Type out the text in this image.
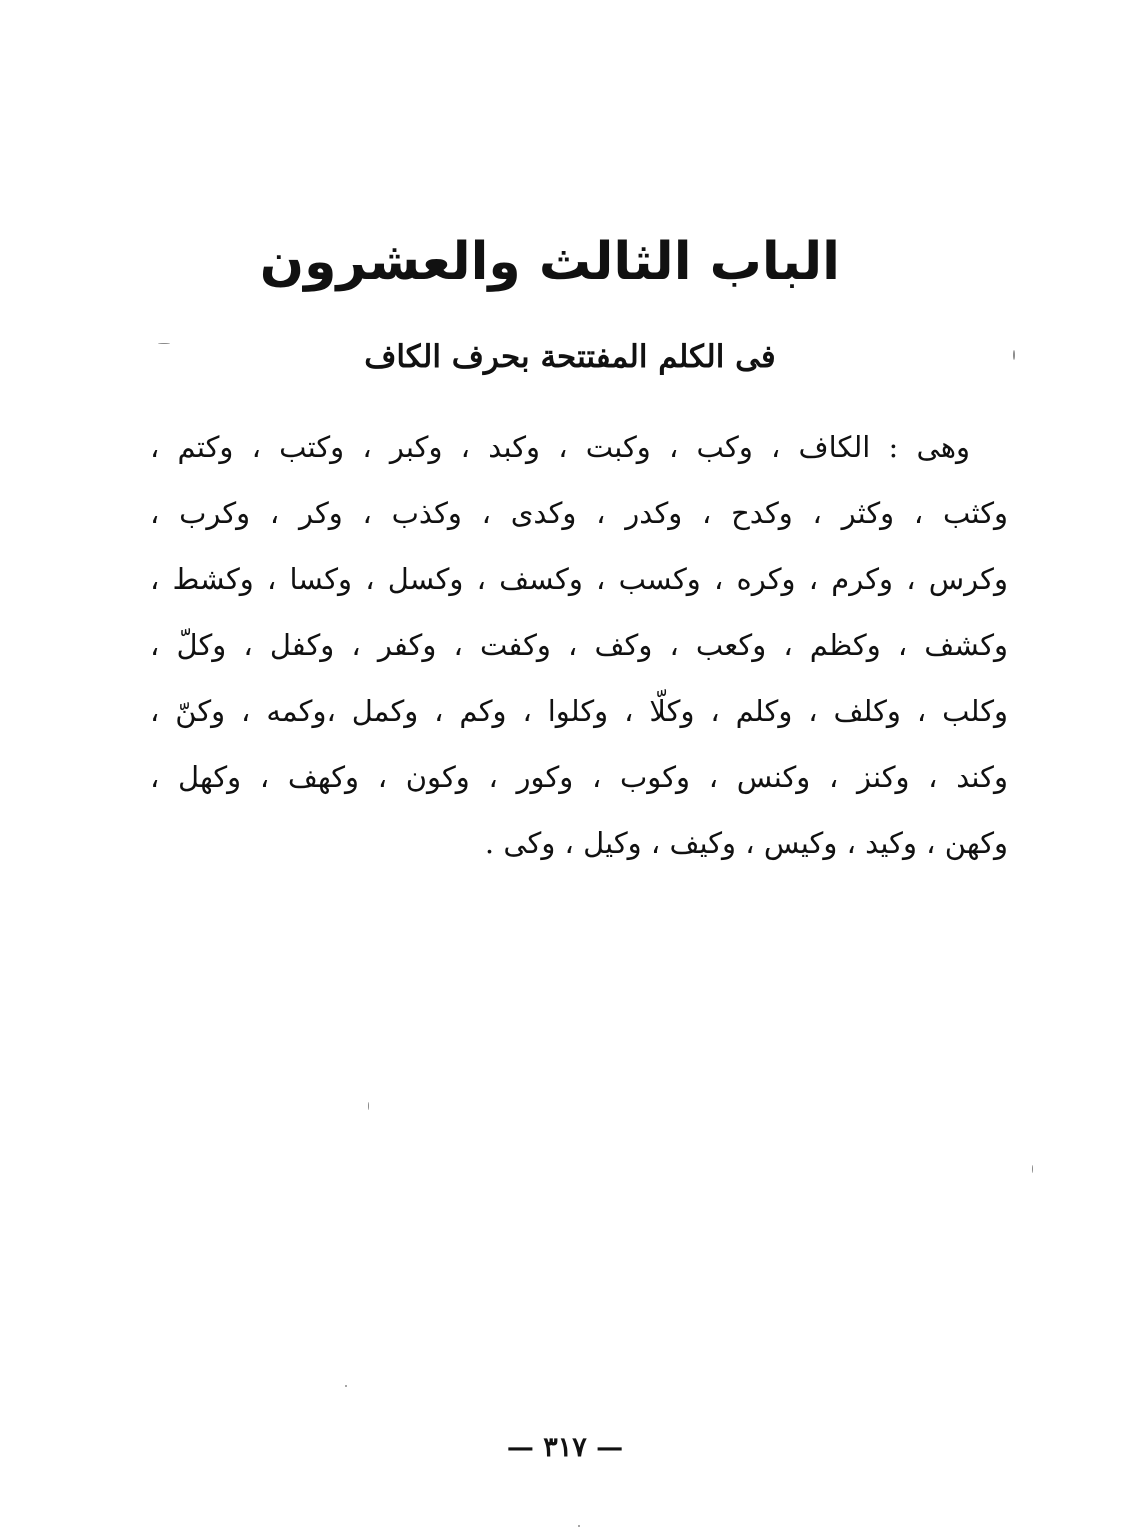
الباب الثالث والعشرون
فى الكلم المفتتحة بحرف الكاف
وهى : الكاف ، وكب ، وكبت ، وكبد ، وكبر ، وكتب ، وكتم ،
وكثب ، وكثر ، وكدح ، وكدر ، وكدى ، وكذب ، وكر ، وكرب ،
وكرس ، وكرم ، وكره ، وكسب ، وكسف ، وكسل ، وكسا ، وكشط ،
وكشف ، وكظم ، وكعب ، وكف ، وكفت ، وكفر ، وكفل ، وكلّ ،
وكلب ، وكلف ، وكلم ، وكلّا ، وكلوا ، وكم ، وكمل ،وكمه ، وكنّ ،
وكند ، وكنز ، وكنس ، وكوب ، وكور ، وكون ، وكهف ، وكهل ،
وكهن ، وكيد ، وكيس ، وكيف ، وكيل ، وكى .
— ٣١٧ —
